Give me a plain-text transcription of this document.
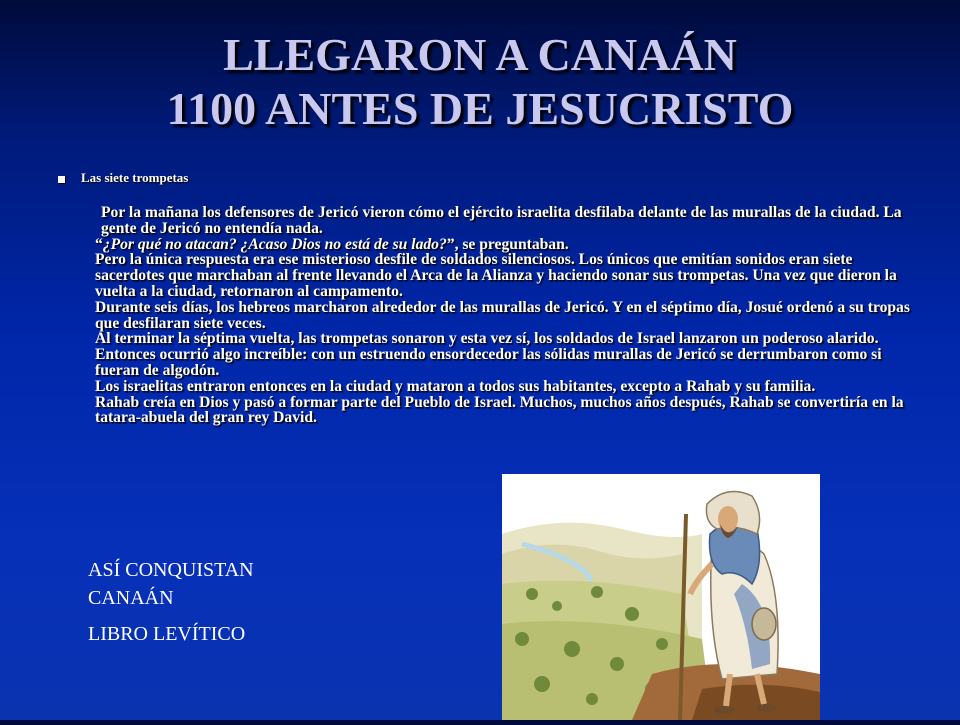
LLEGARON A CANAÁN
1100 ANTES DE JESUCRISTO
Las siete trompetas

Por la mañana los defensores de Jericó vieron cómo el ejército israelita desfilaba delante de las murallas de la ciudad. La gente de Jericó no entendía nada.

“¿Por qué no atacan? ¿Acaso Dios no está de su lado?”, se preguntaban.

Pero la única respuesta era ese misterioso desfile de soldados silenciosos. Los únicos que emitían sonidos eran siete sacerdotes que marchaban al frente llevando el Arca de la Alianza y haciendo sonar sus trompetas. Una vez que dieron la vuelta a la ciudad, retornaron al campamento.

Durante seis días, los hebreos marcharon alrededor de las murallas de Jericó. Y en el séptimo día, Josué ordenó a su tropas que desfilaran siete veces.

Al terminar la séptima vuelta, las trompetas sonaron y esta vez sí, los soldados de Israel lanzaron un poderoso alarido. Entonces ocurrió algo increíble: con un estruendo ensordecedor las sólidas murallas de Jericó se derrumbaron como si fueran de algodón.

Los israelitas entraron entonces en la ciudad y mataron a todos sus habitantes, excepto a Rahab y su familia.

Rahab creía en Dios y pasó a formar parte del Pueblo de Israel. Muchos, muchos años después, Rahab se convertiría en la tatara-abuela del gran rey David.

ASÍ CONQUISTAN
CANAÁN
LIBRO LEVÍTICO
